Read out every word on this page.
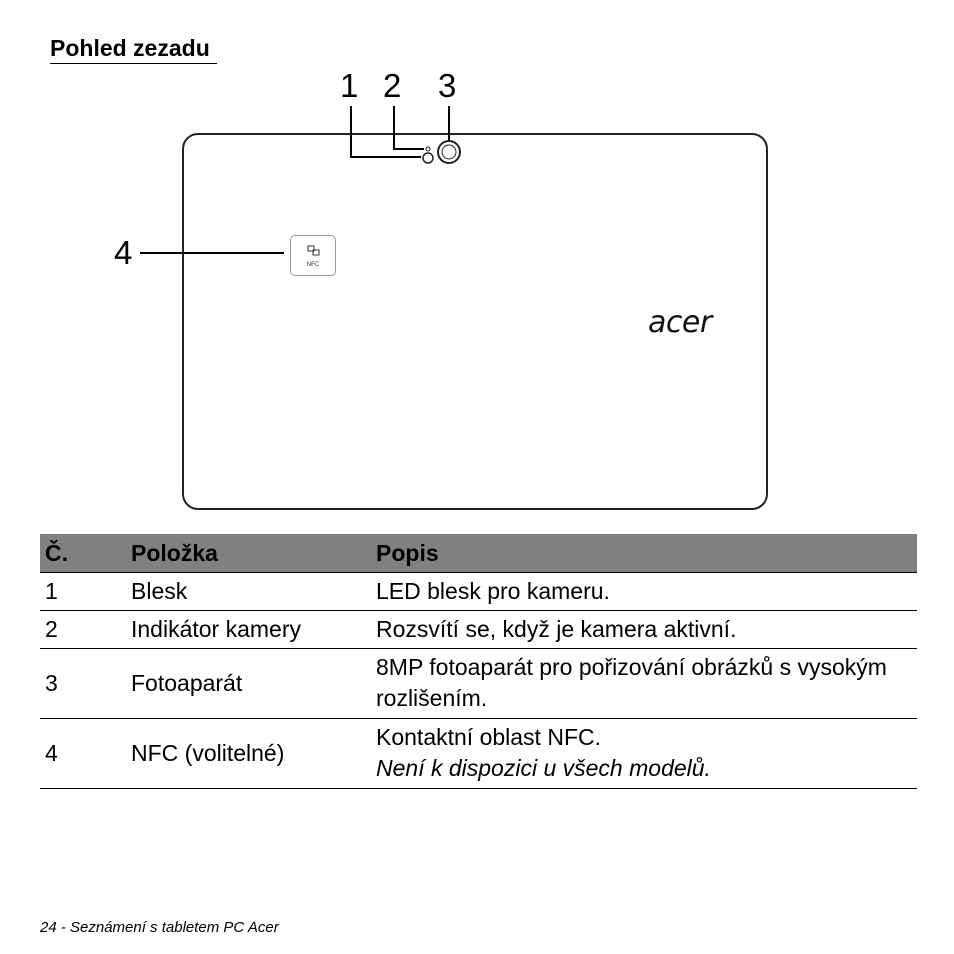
Pohled zezadu
NFC
acer
1 2 3
4
Č.	Položka	Popis
1	Blesk	LED blesk pro kameru.
2	Indikátor kamery	Rozsvítí se, když je kamera aktivní.
3	Fotoaparát	8MP fotoaparát pro pořizování obrázků s vysokým rozlišením.
4	NFC (volitelné)	Kontaktní oblast NFC.
Není k dispozici u všech modelů.
24 - Seznámení s tabletem PC Acer
